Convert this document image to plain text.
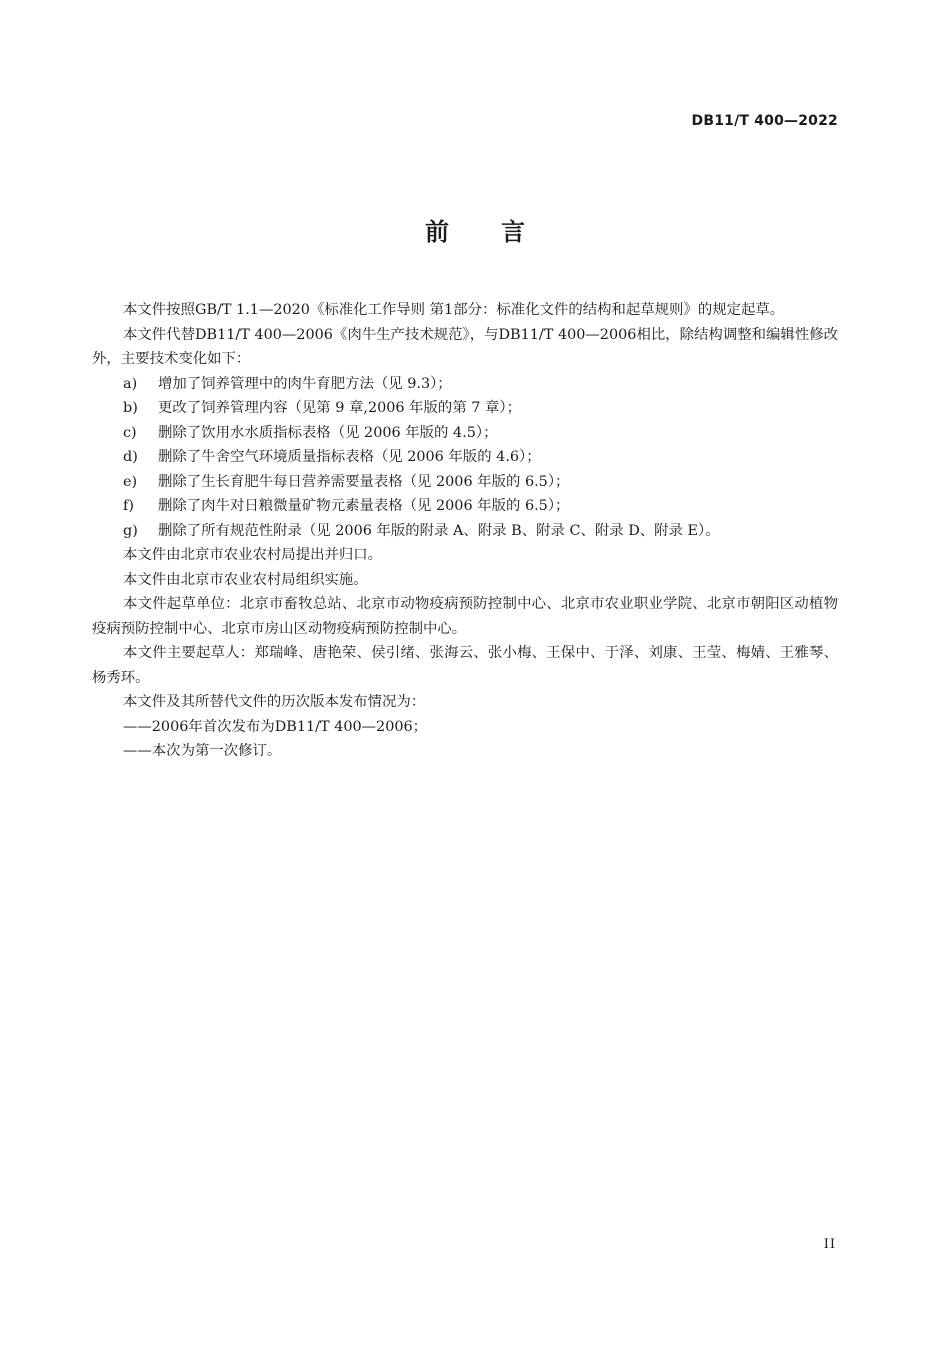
DB11/T 400—2022
前 言

本文件按照GB/T 1.1—2020《标准化工作导则 第1部分：标准化文件的结构和起草规则》的规定起草。

本文件代替DB11/T 400—2006《肉牛生产技术规范》，与DB11/T 400—2006相比，除结构调整和编辑性修改外，主要技术变化如下：

a) 增加了饲养管理中的肉牛育肥方法（见 9.3）；

b) 更改了饲养管理内容（见第 9 章,2006 年版的第 7 章）；

c) 删除了饮用水水质指标表格（见 2006 年版的 4.5）；

d) 删除了牛舍空气环境质量指标表格（见 2006 年版的 4.6）；

e) 删除了生长育肥牛每日营养需要量表格（见 2006 年版的 6.5）；

f) 删除了肉牛对日粮微量矿物元素量表格（见 2006 年版的 6.5）；

g) 删除了所有规范性附录（见 2006 年版的附录 A、附录 B、附录 C、附录 D、附录 E）。

本文件由北京市农业农村局提出并归口。

本文件由北京市农业农村局组织实施。

本文件起草单位：北京市畜牧总站、北京市动物疫病预防控制中心、北京市农业职业学院、北京市朝阳区动植物疫病预防控制中心、北京市房山区动物疫病预防控制中心。

本文件主要起草人：郑瑞峰、唐艳荣、侯引绪、张海云、张小梅、王保中、于泽、刘康、王莹、梅婧、王雅琴、杨秀环。

本文件及其所替代文件的历次版本发布情况为：

——2006年首次发布为DB11/T 400—2006；

——本次为第一次修订。

II
